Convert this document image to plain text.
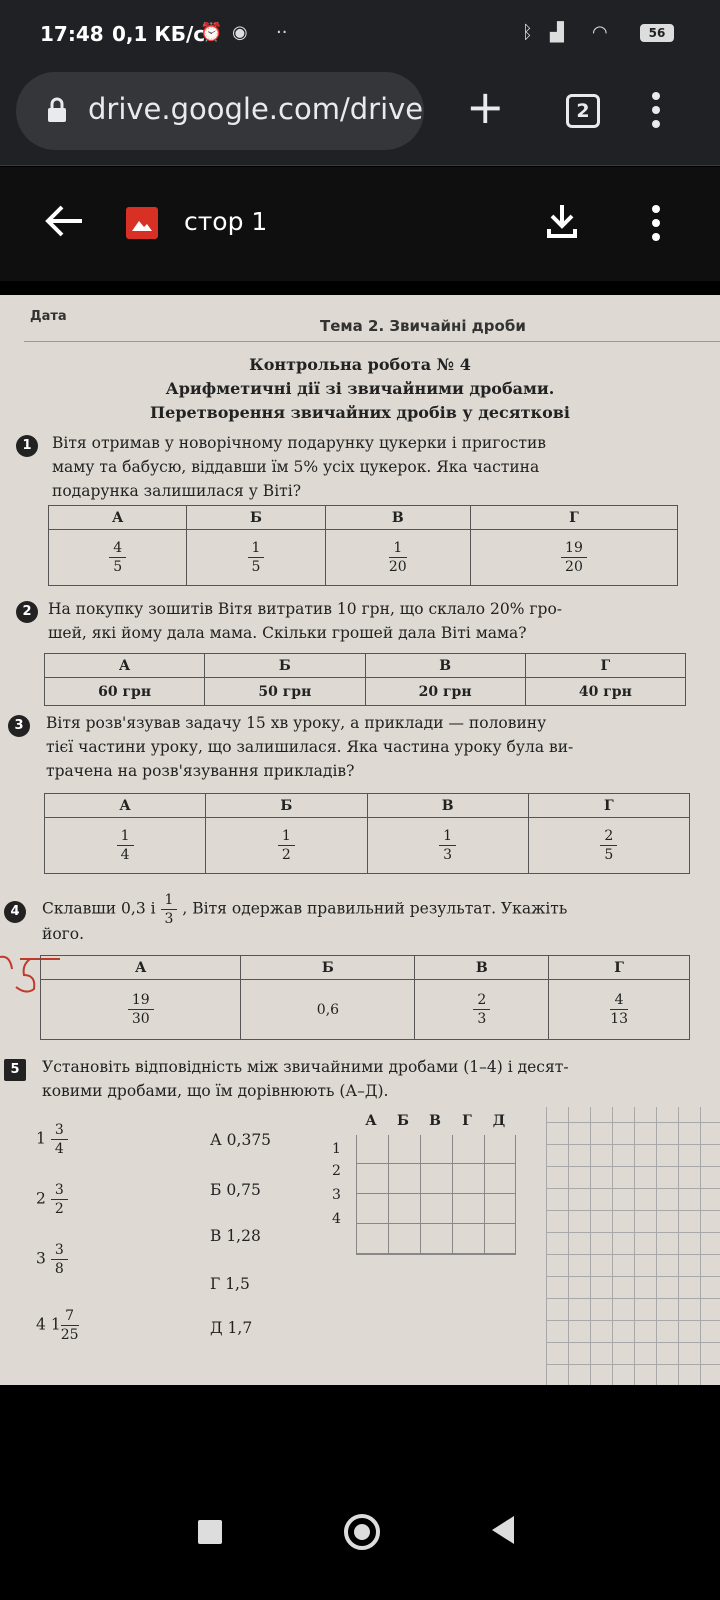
17:48 0,1 КБ/с
⏰ ◉ ··	ᛒ ▟ ◠	56
drive.google.com/drive +	2
стор 1
Дата
Тема 2. Звичайні дроби
Контрольна робота № 4
Арифметичні дії зі звичайними дробами.
Перетворення звичайних дробів у десяткові
1	Вітя отримав у новорічному подарунку цукерки і пригостив
маму та бабусю, віддавши їм 5% усіх цукерок. Яка частина
подарунка залишилася у Віті?
А	Б	В	Г

$\frac{4}{5}$	$\frac{1}{5}$	$\frac{1}{20}$	$\frac{19}{20}$
2	На покупку зошитів Вітя витратив 10 грн, що склало 20% гро-
шей, які йому дала мама. Скільки грошей дала Віті мама?
А	Б	В	Г
60 грн	50 грн	20 грн	40 грн
3	Вітя розв'язував задачу 15 хв уроку, а приклади — половину
тієї частини уроку, що залишилася. Яка частина уроку була ви-
трачена на розв'язування прикладів?
А	Б	В	Г

$\frac{1}{4}$	$\frac{1}{2}$	$\frac{1}{3}$	$\frac{2}{5}$
4	Склавши 0,3 і $\frac{1}{3}$ , Вітя одержав правильний результат. Укажіть
його.
А	Б	В	Г

$\frac{19}{30}$	0,6	$\frac{2}{3}$	$\frac{4}{13}$
5	Установіть відповідність між звичайними дробами (1–4) і десят-
ковими дробами, що їм дорівнюють (А–Д).
$1 \frac{3}{4}$
$2 \frac{3}{2}$
$3 \frac{3}{8}$
4 $1 \frac{7}{25}$
А 0,375
Б 0,75
В 1,28
Г 1,5
Д 1,7
А	Б	В	Г	Д
1
2
3
4
